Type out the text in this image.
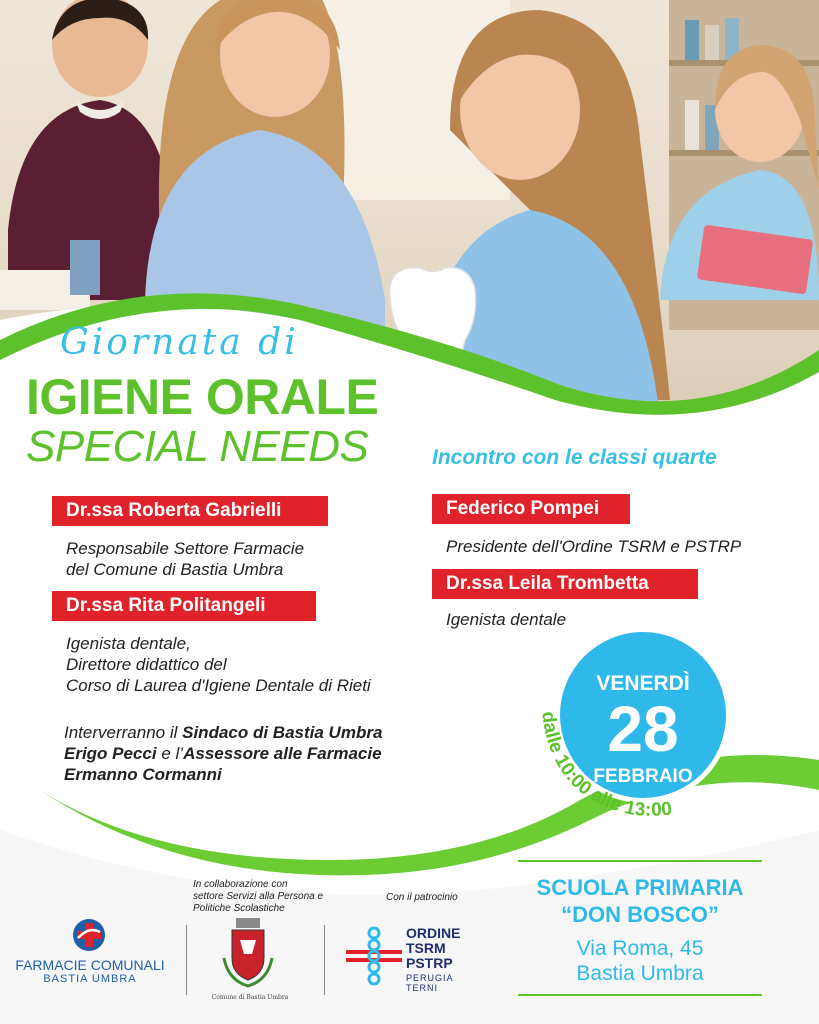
Giornata di
IGIENE ORALE
SPECIAL NEEDS	Incontro con le classi quarte
Dr.ssa Roberta Gabrielli
Responsabile Settore Farmacie
del Comune di Bastia Umbra
Dr.ssa Rita Politangeli
Igenista dentale,
Direttore didattico del
Corso di Laurea d'Igiene Dentale di Rieti
Federico Pompei
Presidente dell'Ordine TSRM e PSTRP
Dr.ssa Leila Trombetta
Igenista dentale
Interverranno il Sindaco di Bastia Umbra
Erigo Pecci e l’Assessore alle Farmacie
Ermanno Cormanni
VENERDÌ
28
FEBBRAIO
dalle 10:00 alle 13:00
SCUOLA PRIMARIA
“DON BOSCO”
Via Roma, 45
Bastia Umbra
In collaborazione con
settore Servizi alla Persona e
Politiche Scolastiche
Con il patrocinio
FARMACIE COMUNALI
BASTIA UMBRA
Comune di Bastia Umbra
ORDINE
TSRM
PSTRP
PERUGIA
TERNI
